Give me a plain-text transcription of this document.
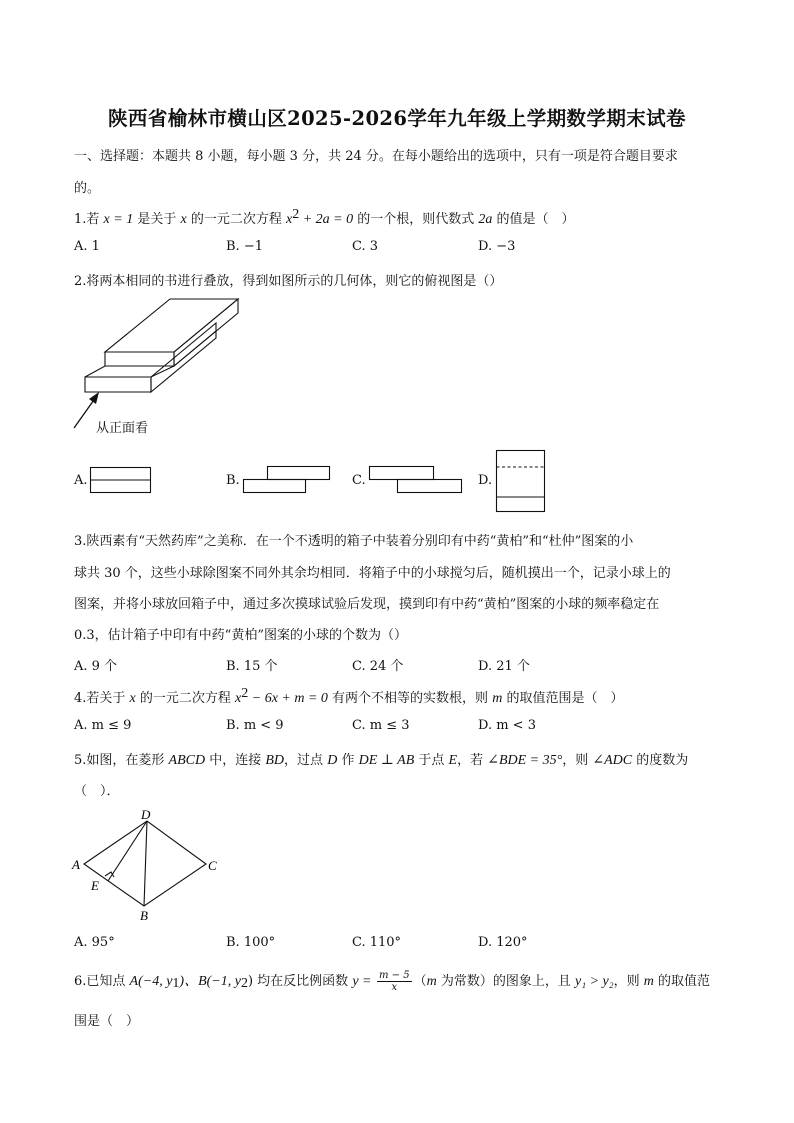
陕西省榆林市横山区2025-2026学年九年级上学期数学期末试卷
一、选择题：本题共 8 小题，每小题 3 分，共 24 分。在每小题给出的选项中，只有一项是符合题目要求
的。
1.若 x = 1 是关于 x 的一元二次方程 $x^2 + 2a = 0$ 的一个根，则代数式 2a 的值是（　）
A. 1	B. −1	C. 3	D. −3
2.将两本相同的书进行叠放，得到如图所示的几何体，则它的俯视图是（）
从正面看
A.	B.	C.	D.
3.陕西素有“天然药库”之美称．在一个不透明的箱子中装着分别印有中药“黄柏”和“杜仲”图案的小
球共 30 个，这些小球除图案不同外其余均相同．将箱子中的小球搅匀后，随机摸出一个，记录小球上的
图案，并将小球放回箱子中，通过多次摸球试验后发现，摸到印有中药“黄柏”图案的小球的频率稳定在
0.3，估计箱子中印有中药“黄柏”图案的小球的个数为（）
A. 9 个	B. 15 个	C. 24 个	D. 21 个
4.若关于 x 的一元二次方程 $x^2 - 6x + m = 0$ 有两个不相等的实数根，则 m 的取值范围是（　）
A. m ≤ 9	B. m < 9	C. m ≤ 3	D. m < 3
5.如图，在菱形 ABCD 中，连接 BD，过点 D 作 DE ⊥ AB 于点 E，若 ∠BDE = 35°，则 ∠ADC 的度数为
（　）．
D
A	C
E
B
A. 95°	B. 100°	C. 110°	D. 120°
6.已知点 A(−4, $y_1$)、B(−1, $y_2$) 均在反比例函数 $y = \frac{m - 5}{x} (m$ 为常数）的图象上，且 y₁ > y₂，则 m 的取值范
围是（　）
